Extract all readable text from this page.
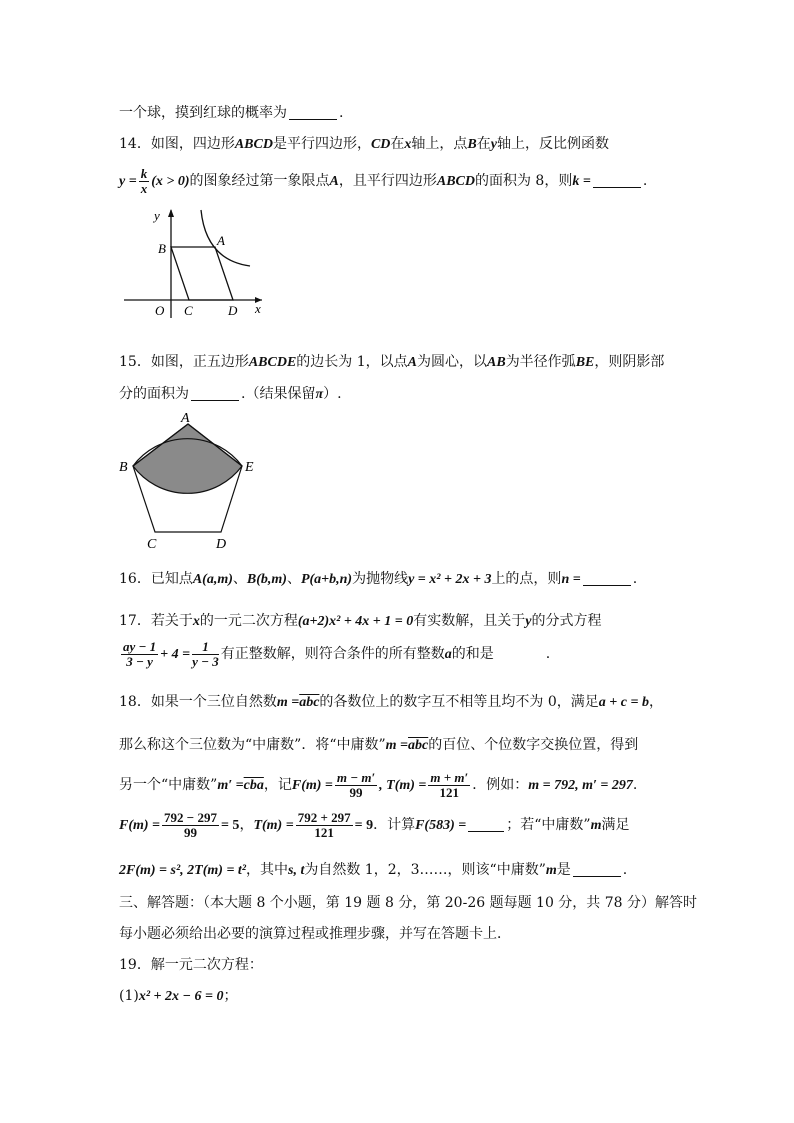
一个球，摸到红球的概率为	.
14．如图，四边形ABCD是平行四边形，CD在x轴上，点B在y轴上，反比例函数
$y = \frac{k}{x} (x > 0)$的图象经过第一象限点A，且平行四边形ABCD的面积为 8，则k =	.
y
x
B
A
O C	D
15．如图，正五边形ABCDE的边长为 1，以点A为圆心，以AB为半径作弧BE，则阴影部
分的面积为	.（结果保留π）.
A
B	E
C	D
16．已知点A(a,m)、B(b,m)、P(a+b,n)为抛物线y = x² + 2x + 3上的点，则n =	.
17．若关于x的一元二次方程(a+2)x² + 4x + 1 = 0有实数解，且关于y的分式方程
$\frac{ay - 1}{3 - y} + 4 = \frac{1}{y - 3}$ 有正整数解，则符合条件的所有整数a的和是	.
18．如果一个三位自然数$m =\overline{abc}$的各数位上的数字互不相等且均不为 0，满足a + c = b，
那么称这个三位数为“中庸数”．将“中庸数”m $=\overline{abc}$的百位、个位数字交换位置，得到
另一个“中庸数”m′ $=\overline{cba}$，记$F(m) = \frac{m - m'}{99}$ , $T(m) = \frac{m + m'}{121}$ ．例如：m = 792, m′ = 297.
$F(m) = \frac{792 - 297}{99} = 5$，$T(m) = \frac{792 + 297}{121} = 9$．计算F(583) =	；若“中庸数”m满足
2F(m) = s², 2T(m) = t²，其中s, t为自然数 1，2，3……，则该“中庸数”m是	.
三、解答题：（本大题 8 个小题，第 19 题 8 分，第 20-26 题每题 10 分，共 78 分）解答时
每小题必须给出必要的演算过程或推理步骤，并写在答题卡上．
19．解一元二次方程：
(1)x² + 2x − 6 = 0；
